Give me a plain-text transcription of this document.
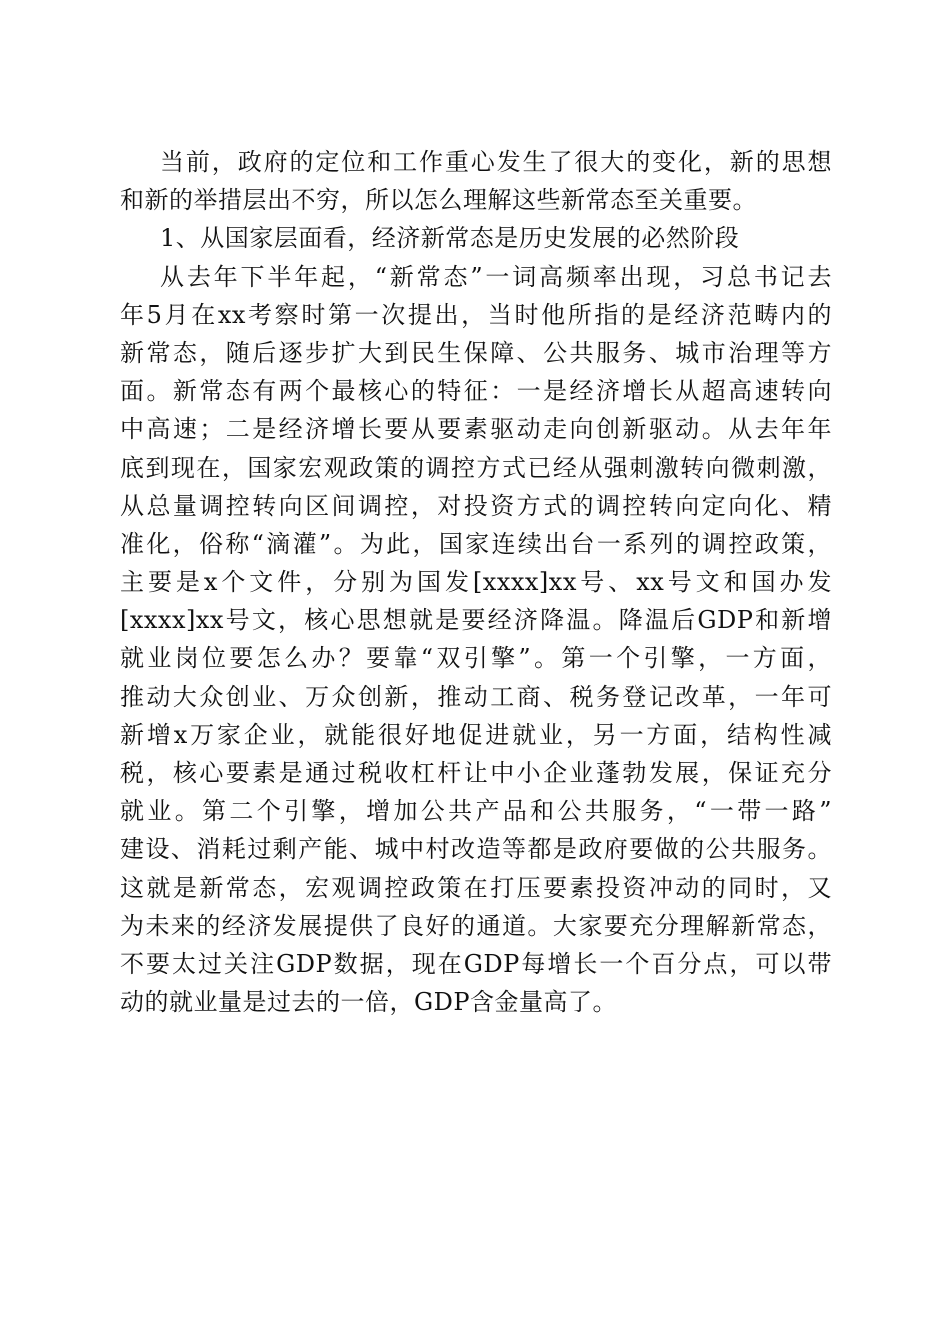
当前，政府的定位和工作重心发生了很大的变化，新的思想
和新的举措层出不穷，所以怎么理解这些新常态至关重要。
1、从国家层面看，经济新常态是历史发展的必然阶段
从去年下半年起，“新常态”一词高频率出现，习总书记去
年5月在xx考察时第一次提出，当时他所指的是经济范畴内的
新常态，随后逐步扩大到民生保障、公共服务、城市治理等方
面。新常态有两个最核心的特征：一是经济增长从超高速转向
中高速；二是经济增长要从要素驱动走向创新驱动。从去年年
底到现在，国家宏观政策的调控方式已经从强刺激转向微刺激，
从总量调控转向区间调控，对投资方式的调控转向定向化、精
准化，俗称“滴灌”。为此，国家连续出台一系列的调控政策，
主要是x个文件，分别为国发[xxxx]xx号、xx号文和国办发
[xxxx]xx号文，核心思想就是要经济降温。降温后GDP和新增
就业岗位要怎么办？要靠“双引擎”。第一个引擎，一方面，
推动大众创业、万众创新，推动工商、税务登记改革，一年可
新增x万家企业，就能很好地促进就业，另一方面，结构性减
税，核心要素是通过税收杠杆让中小企业蓬勃发展，保证充分
就业。第二个引擎，增加公共产品和公共服务，“一带一路”
建设、消耗过剩产能、城中村改造等都是政府要做的公共服务。
这就是新常态，宏观调控政策在打压要素投资冲动的同时，又
为未来的经济发展提供了良好的通道。大家要充分理解新常态，
不要太过关注GDP数据，现在GDP每增长一个百分点，可以带
动的就业量是过去的一倍，GDP含金量高了。
